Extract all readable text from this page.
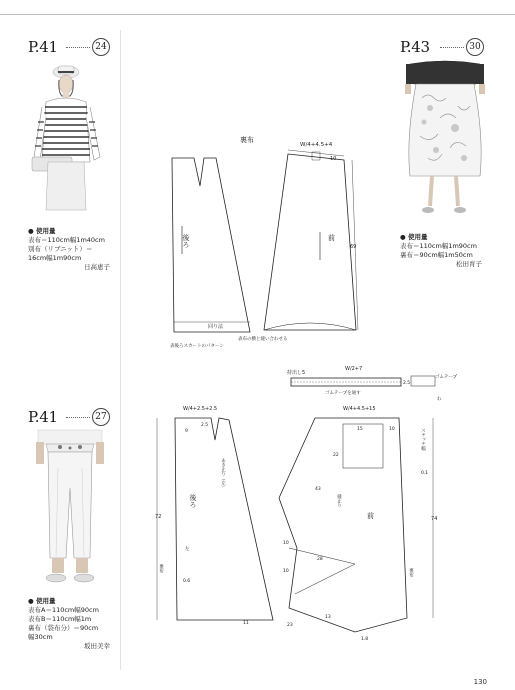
P.41	24
● 使用量
表布＝110cm幅1m40cm
別布（リブニット）＝
16cm幅1m90cm
日高恵子
P.43	30
● 使用量
表布＝110cm幅1m90cm
裏布＝90cm幅1m50cm
松田育子
P.41	27
● 使用量
表布A＝110cm幅90cm
表布B＝110cm幅1m
裏布（袋布分）＝90cm
幅30cm
坂田美幸
裏布
後ろ
回り法
W/4+4.5+4
10
69
前
表後ろスカートのパターン
表布の横と縫い合わせる
持出し5
W/2+7
ゴムテープを通す
2.5
ゴムテープ
わ
W/4+2.5+2.5
9
2.5
72
後ろ
あき止り（左）
左
裏布
0.6
11
W/4+4.5+15
15	10
22
43
縫止り
前
10
10
28
23
13
1.8
74
ステッチ幅
0.1
裏布
130
